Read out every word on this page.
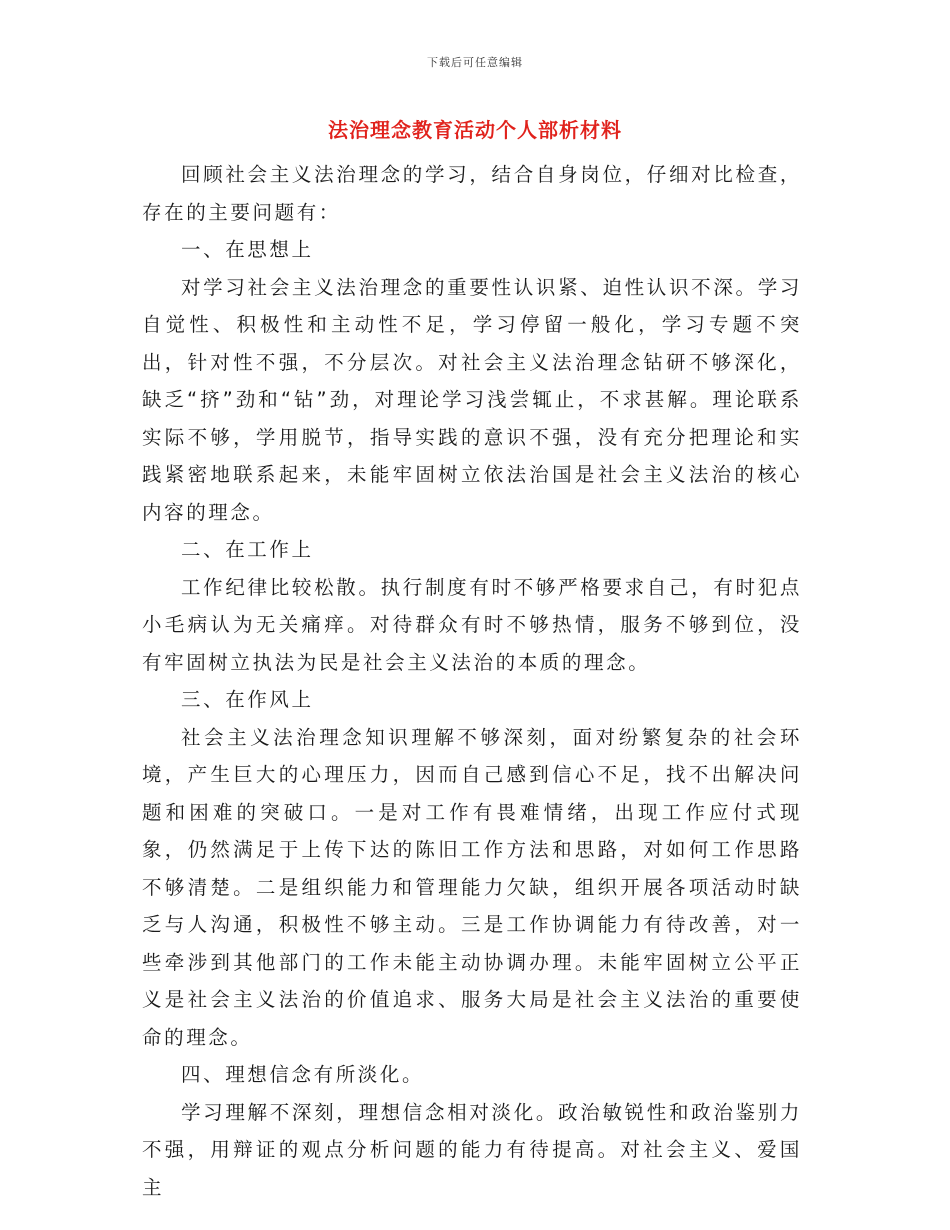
下载后可任意编辑
法治理念教育活动个人部析材料

回顾社会主义法治理念的学习，结合自身岗位，仔细对比检查，存在的主要问题有：

一、在思想上

对学习社会主义法治理念的重要性认识紧、迫性认识不深。学习自觉性、积极性和主动性不足，学习停留一般化，学习专题不突出，针对性不强，不分层次。对社会主义法治理念钻研不够深化，缺乏“挤”劲和“钻”劲，对理论学习浅尝辄止，不求甚解。理论联系实际不够，学用脱节，指导实践的意识不强，没有充分把理论和实践紧密地联系起来，未能牢固树立依法治国是社会主义法治的核心内容的理念。

二、在工作上

工作纪律比较松散。执行制度有时不够严格要求自己，有时犯点小毛病认为无关痛痒。对待群众有时不够热情，服务不够到位，没有牢固树立执法为民是社会主义法治的本质的理念。

三、在作风上

社会主义法治理念知识理解不够深刻，面对纷繁复杂的社会环境，产生巨大的心理压力，因而自己感到信心不足，找不出解决问题和困难的突破口。一是对工作有畏难情绪，出现工作应付式现象，仍然满足于上传下达的陈旧工作方法和思路，对如何工作思路不够清楚。二是组织能力和管理能力欠缺，组织开展各项活动时缺乏与人沟通，积极性不够主动。三是工作协调能力有待改善，对一些牵涉到其他部门的工作未能主动协调办理。未能牢固树立公平正义是社会主义法治的价值追求、服务大局是社会主义法治的重要使命的理念。

四、理想信念有所淡化。

学习理解不深刻，理想信念相对淡化。政治敏锐性和政治鉴别力不强，用辩证的观点分析问题的能力有待提高。对社会主义、爱国主
